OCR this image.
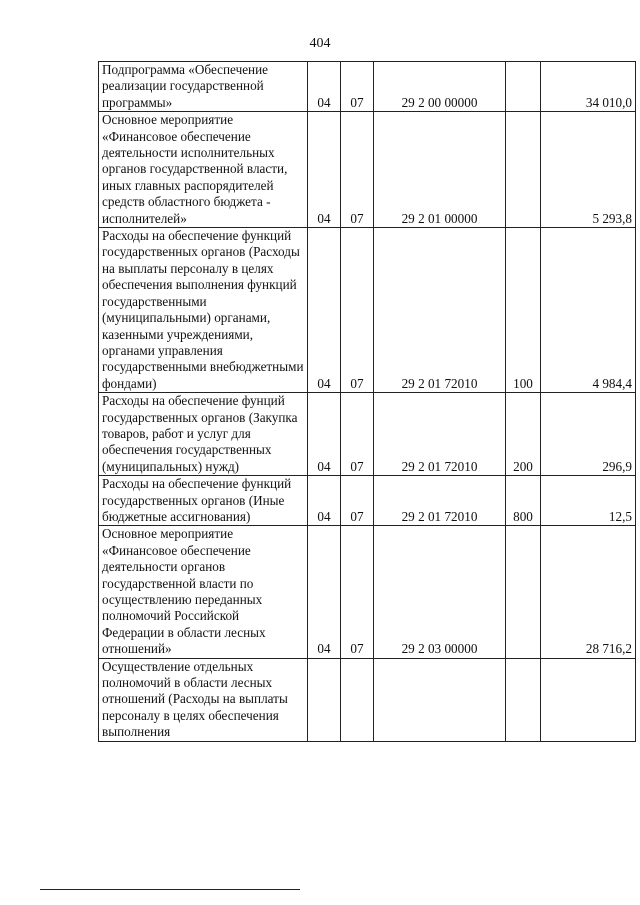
404
Подпрограмма «Обеспечение реализации государственной программы»	04	07	29 2 00 00000		34 010,0
Основное мероприятие «Финансовое обеспечение деятельности исполнительных органов государственной власти, иных главных распорядителей средств областного бюджета - исполнителей»	04	07	29 2 01 00000		5 293,8
Расходы на обеспечение функций государственных органов (Расходы на выплаты персоналу в целях обеспечения выполнения функций государственными (муниципальными) органами, казенными учреждениями, органами управления государственными внебюджетными фондами)	04	07	29 2 01 72010	100	4 984,4
Расходы на обеспечение фунций государственных органов (Закупка товаров, работ и услуг для обеспечения государственных (муниципальных) нужд)	04	07	29 2 01 72010	200	296,9
Расходы на обеспечение функций государственных органов (Иные бюджетные ассигнования)	04	07	29 2 01 72010	800	12,5
Основное мероприятие «Финансовое обеспечение деятельности органов государственной власти по осуществлению переданных полномочий Российской Федерации в области лесных отношений»	04	07	29 2 03 00000		28 716,2
Осуществление отдельных полномочий в области лесных отношений (Расходы на выплаты персоналу в целях обеспечения выполнения					
